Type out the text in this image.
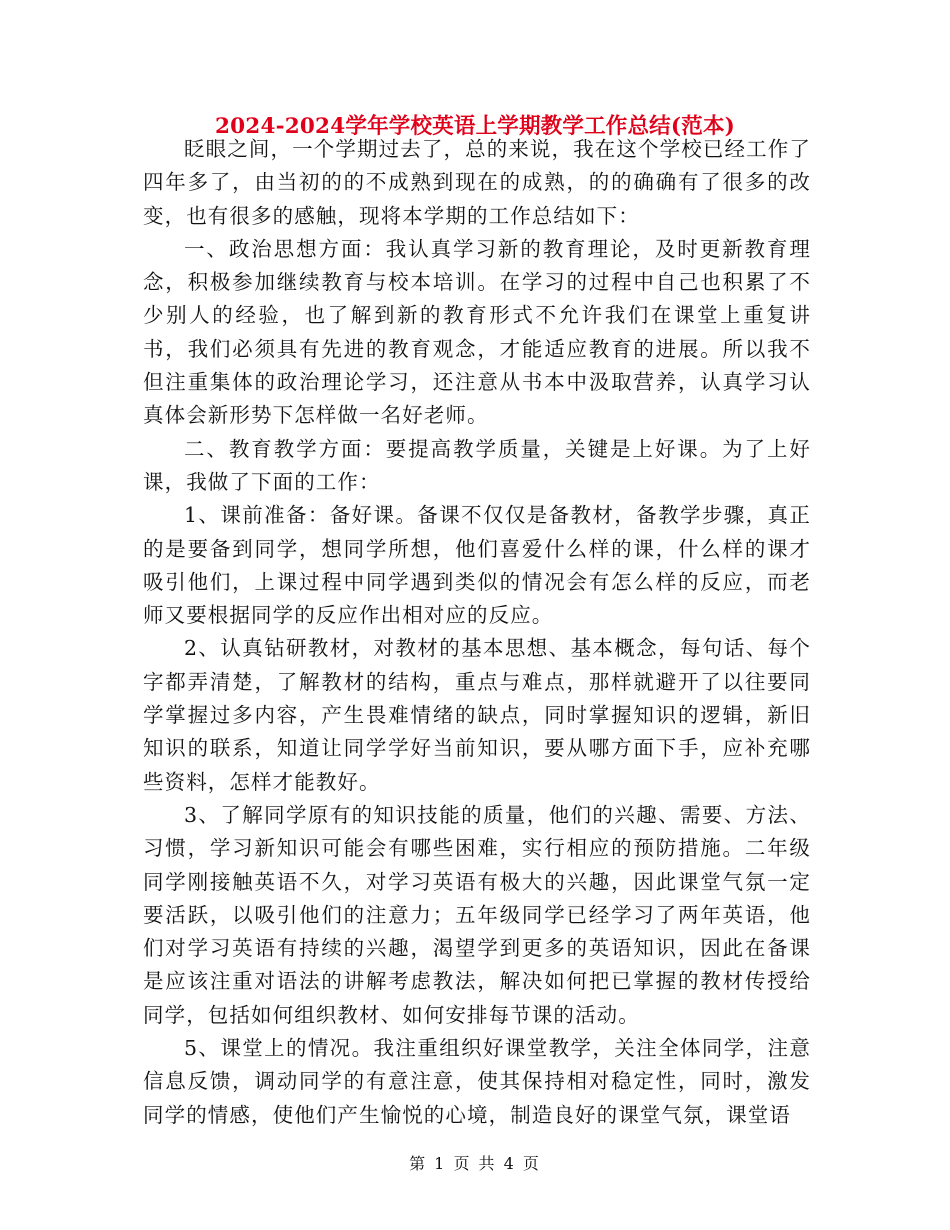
2024-2024学年学校英语上学期教学工作总结(范本)

眨眼之间，一个学期过去了，总的来说，我在这个学校已经工作了四年多了，由当初的的不成熟到现在的成熟，的的确确有了很多的改变，也有很多的感触，现将本学期的工作总结如下：

一、政治思想方面：我认真学习新的教育理论，及时更新教育理念，积极参加继续教育与校本培训。在学习的过程中自己也积累了不少别人的经验，也了解到新的教育形式不允许我们在课堂上重复讲书，我们必须具有先进的教育观念，才能适应教育的进展。所以我不但注重集体的政治理论学习，还注意从书本中汲取营养，认真学习认真体会新形势下怎样做一名好老师。

二、教育教学方面：要提高教学质量，关键是上好课。为了上好课，我做了下面的工作：

1、课前准备：备好课。备课不仅仅是备教材，备教学步骤，真正的是要备到同学，想同学所想，他们喜爱什么样的课，什么样的课才吸引他们，上课过程中同学遇到类似的情况会有怎么样的反应，而老师又要根据同学的反应作出相对应的反应。

2、认真钻研教材，对教材的基本思想、基本概念，每句话、每个字都弄清楚，了解教材的结构，重点与难点，那样就避开了以往要同学掌握过多内容，产生畏难情绪的缺点，同时掌握知识的逻辑，新旧知识的联系，知道让同学学好当前知识，要从哪方面下手，应补充哪些资料，怎样才能教好。

3、了解同学原有的知识技能的质量，他们的兴趣、需要、方法、习惯，学习新知识可能会有哪些困难，实行相应的预防措施。二年级同学刚接触英语不久，对学习英语有极大的兴趣，因此课堂气氛一定要活跃，以吸引他们的注意力；五年级同学已经学习了两年英语，他们对学习英语有持续的兴趣，渴望学到更多的英语知识，因此在备课是应该注重对语法的讲解考虑教法，解决如何把已掌握的教材传授给同学，包括如何组织教材、如何安排每节课的活动。

5、课堂上的情况。我注重组织好课堂教学，关注全体同学，注意信息反馈，调动同学的有意注意，使其保持相对稳定性，同时，激发同学的情感，使他们产生愉悦的心境，制造良好的课堂气氛，课堂语

第 1 页 共 4 页
